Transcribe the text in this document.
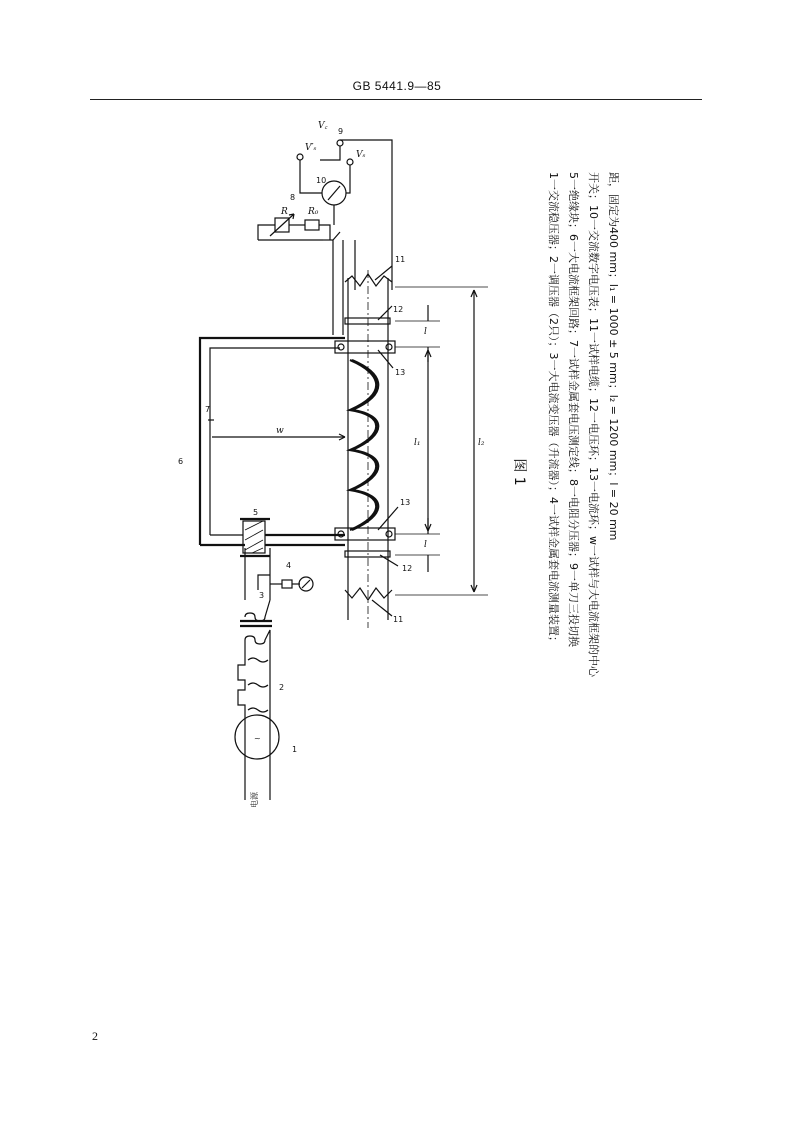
GB 5441.9—85
电源
~
1
2
3
4
5
6
7
w
11
11
13
13
12
12
l₂
l₁
l
l
R R₀
8
10
V′ₛ
Vₛ
V꜀
9
图 1 1一交流稳压器；2一调压器（2只）；3一大电流变压器（升流器）；4一试样金属套电流测量装置； 5一绝缘块；6一大电流框架回路；7一试样金属套电压测定线；8一电阻分压器；9一单刀三投切换 开关；10一交流数字电压表；11一试样电缆；12一电压环；13一电流环；w一试样与大电流框架的中心 距，固定为400 mm；l₁ = 1000 ± 5 mm；l₂ = 1200 mm；l = 20 mm
2
